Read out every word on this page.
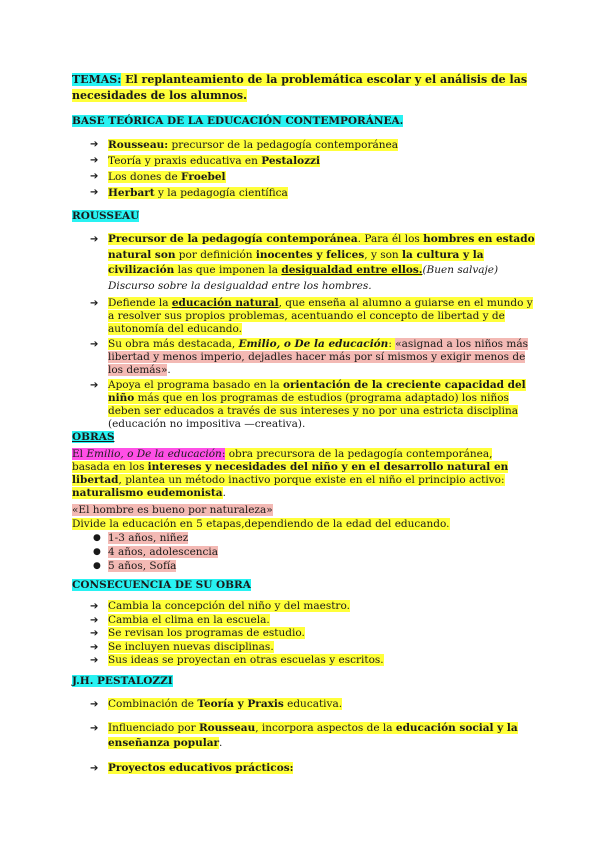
TEMAS: El replanteamiento de la problemática escolar y el análisis de las necesidades de los alumnos.
BASE TEÓRICA DE LA EDUCACIÓN CONTEMPORÁNEA.
➔ Rousseau: precursor de la pedagogía contemporánea
➔ Teoría y praxis educativa en Pestalozzi
➔ Los dones de Froebel
➔ Herbart y la pedagogía científica
ROUSSEAU
➔ Precursor de la pedagogía contemporánea. Para él los hombres en estado natural son por definición inocentes y felices, y son la cultura y la civilización las que imponen la desigualdad entre ellos.(Buen salvaje) Discurso sobre la desigualdad entre los hombres.
➔ Defiende la educación natural, que enseña al alumno a guiarse en el mundo y a resolver sus propios problemas, acentuando el concepto de libertad y de autonomía del educando.
➔ Su obra más destacada, Emilio, o De la educación: «asignad a los niños más libertad y menos imperio, dejadles hacer más por sí mismos y exigir menos de los demás».
➔ Apoya el programa basado en la orientación de la creciente capacidad del niño más que en los programas de estudios (programa adaptado) los niños deben ser educados a través de sus intereses y no por una estricta disciplina (educación no impositiva —creativa).
OBRAS
El Emilio, o De la educación: obra precursora de la pedagogía contemporánea, basada en los intereses y necesidades del niño y en el desarrollo natural en libertad, plantea un método inactivo porque existe en el niño el principio activo: naturalismo eudemonista.
«El hombre es bueno por naturaleza»
Divide la educación en 5 etapas,dependiendo de la edad del educando.
● 1-3 años, niñez
● 4 años, adolescencia
● 5 años, Sofía
CONSECUENCIA DE SU OBRA
➔ Cambia la concepción del niño y del maestro.
➔ Cambia el clima en la escuela.
➔ Se revisan los programas de estudio.
➔ Se incluyen nuevas disciplinas.
➔ Sus ideas se proyectan en otras escuelas y escritos.
J.H. PESTALOZZI
➔ Combinación de Teoría y Praxis educativa.
➔ Influenciado por Rousseau, incorpora aspectos de la educación social y la enseñanza popular.
➔ Proyectos educativos prácticos:
